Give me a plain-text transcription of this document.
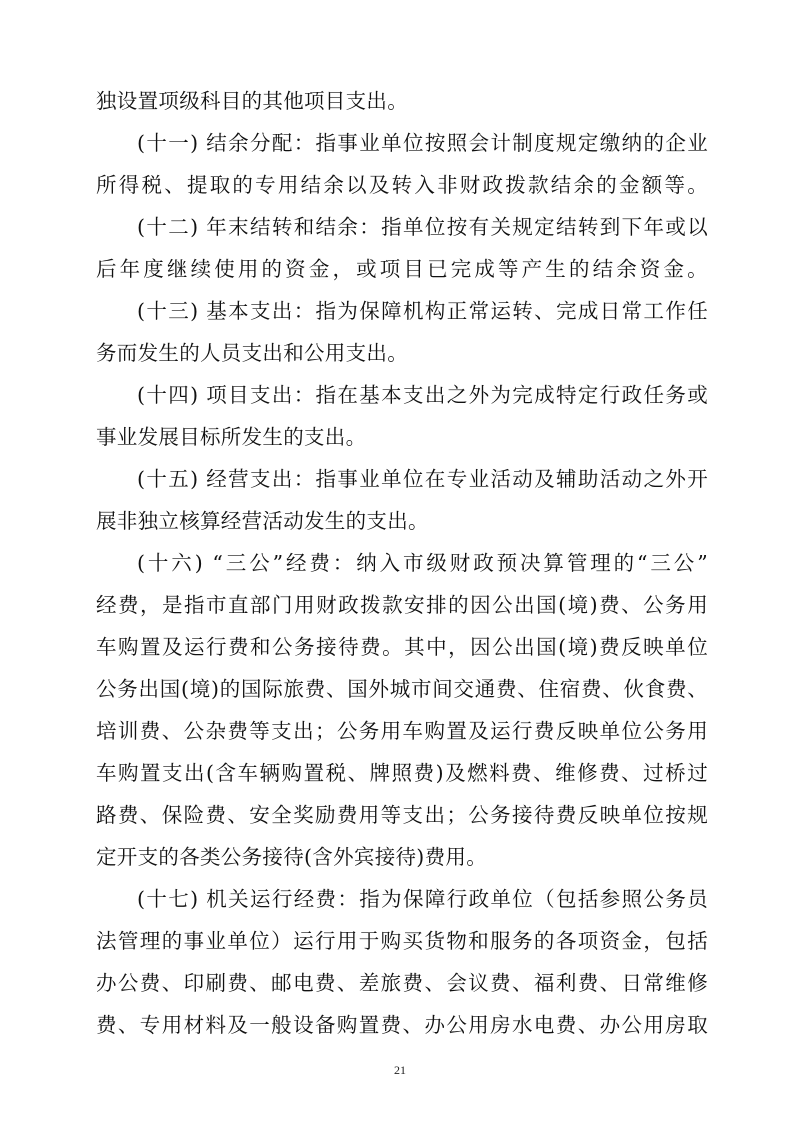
独设置项级科目的其他项目支出。
(十一) 结余分配：指事业单位按照会计制度规定缴纳的企业
所得税、提取的专用结余以及转入非财政拨款结余的金额等。
(十二) 年末结转和结余：指单位按有关规定结转到下年或以
后年度继续使用的资金，或项目已完成等产生的结余资金。
(十三) 基本支出：指为保障机构正常运转、完成日常工作任
务而发生的人员支出和公用支出。
(十四) 项目支出：指在基本支出之外为完成特定行政任务或
事业发展目标所发生的支出。
(十五) 经营支出：指事业单位在专业活动及辅助活动之外开
展非独立核算经营活动发生的支出。
(十六) “三公”经费：纳入市级财政预决算管理的“三公”
经费，是指市直部门用财政拨款安排的因公出国(境)费、公务用
车购置及运行费和公务接待费。其中，因公出国(境)费反映单位
公务出国(境)的国际旅费、国外城市间交通费、住宿费、伙食费、
培训费、公杂费等支出；公务用车购置及运行费反映单位公务用
车购置支出(含车辆购置税、牌照费)及燃料费、维修费、过桥过
路费、保险费、安全奖励费用等支出；公务接待费反映单位按规
定开支的各类公务接待(含外宾接待)费用。
(十七) 机关运行经费：指为保障行政单位（包括参照公务员
法管理的事业单位）运行用于购买货物和服务的各项资金，包括
办公费、印刷费、邮电费、差旅费、会议费、福利费、日常维修
费、专用材料及一般设备购置费、办公用房水电费、办公用房取
21
